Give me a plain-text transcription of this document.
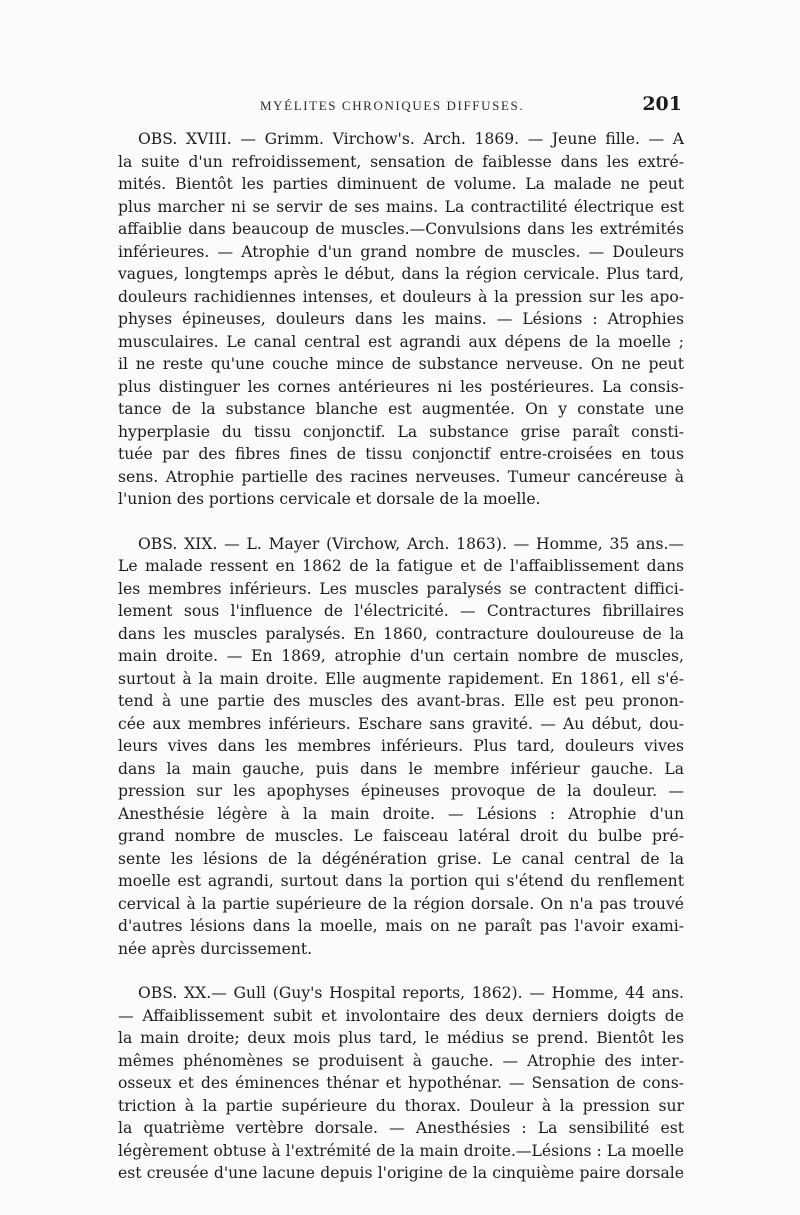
MYÉLITES CHRONIQUES DIFFUSES.	201
OBS. XVIII. — Grimm. Virchow's. Arch. 1869. — Jeune fille. — A
la suite d'un refroidissement, sensation de faiblesse dans les extré-
mités. Bientôt les parties diminuent de volume. La malade ne peut
plus marcher ni se servir de ses mains. La contractilité électrique est
affaiblie dans beaucoup de muscles.—Convulsions dans les extrémités
inférieures. — Atrophie d'un grand nombre de muscles. — Douleurs
vagues, longtemps après le début, dans la région cervicale. Plus tard,
douleurs rachidiennes intenses, et douleurs à la pression sur les apo-
physes épineuses, douleurs dans les mains. — Lésions : Atrophies
musculaires. Le canal central est agrandi aux dépens de la moelle ;
il ne reste qu'une couche mince de substance nerveuse. On ne peut
plus distinguer les cornes antérieures ni les postérieures. La consis-
tance de la substance blanche est augmentée. On y constate une
hyperplasie du tissu conjonctif. La substance grise paraît consti-
tuée par des fibres fines de tissu conjonctif entre-croisées en tous
sens. Atrophie partielle des racines nerveuses. Tumeur cancéreuse à
l'union des portions cervicale et dorsale de la moelle.
OBS. XIX. — L. Mayer (Virchow, Arch. 1863). — Homme, 35 ans.—
Le malade ressent en 1862 de la fatigue et de l'affaiblissement dans
les membres inférieurs. Les muscles paralysés se contractent diffici-
lement sous l'influence de l'électricité. — Contractures fibrillaires
dans les muscles paralysés. En 1860, contracture douloureuse de la
main droite. — En 1869, atrophie d'un certain nombre de muscles,
surtout à la main droite. Elle augmente rapidement. En 1861, ell s'é-
tend à une partie des muscles des avant-bras. Elle est peu pronon-
cée aux membres inférieurs. Eschare sans gravité. — Au début, dou-
leurs vives dans les membres inférieurs. Plus tard, douleurs vives
dans la main gauche, puis dans le membre inférieur gauche. La
pression sur les apophyses épineuses provoque de la douleur. —
Anesthésie légère à la main droite. — Lésions : Atrophie d'un
grand nombre de muscles. Le faisceau latéral droit du bulbe pré-
sente les lésions de la dégénération grise. Le canal central de la
moelle est agrandi, surtout dans la portion qui s'étend du renflement
cervical à la partie supérieure de la région dorsale. On n'a pas trouvé
d'autres lésions dans la moelle, mais on ne paraît pas l'avoir exami-
née après durcissement.
OBS. XX.— Gull (Guy's Hospital reports, 1862). — Homme, 44 ans.
— Affaiblissement subit et involontaire des deux derniers doigts de
la main droite; deux mois plus tard, le médius se prend. Bientôt les
mêmes phénomènes se produisent à gauche. — Atrophie des inter-
osseux et des éminences thénar et hypothénar. — Sensation de cons-
triction à la partie supérieure du thorax. Douleur à la pression sur
la quatrième vertèbre dorsale. — Anesthésies : La sensibilité est
légèrement obtuse à l'extrémité de la main droite.—Lésions : La moelle
est creusée d'une lacune depuis l'origine de la cinquième paire dorsale
